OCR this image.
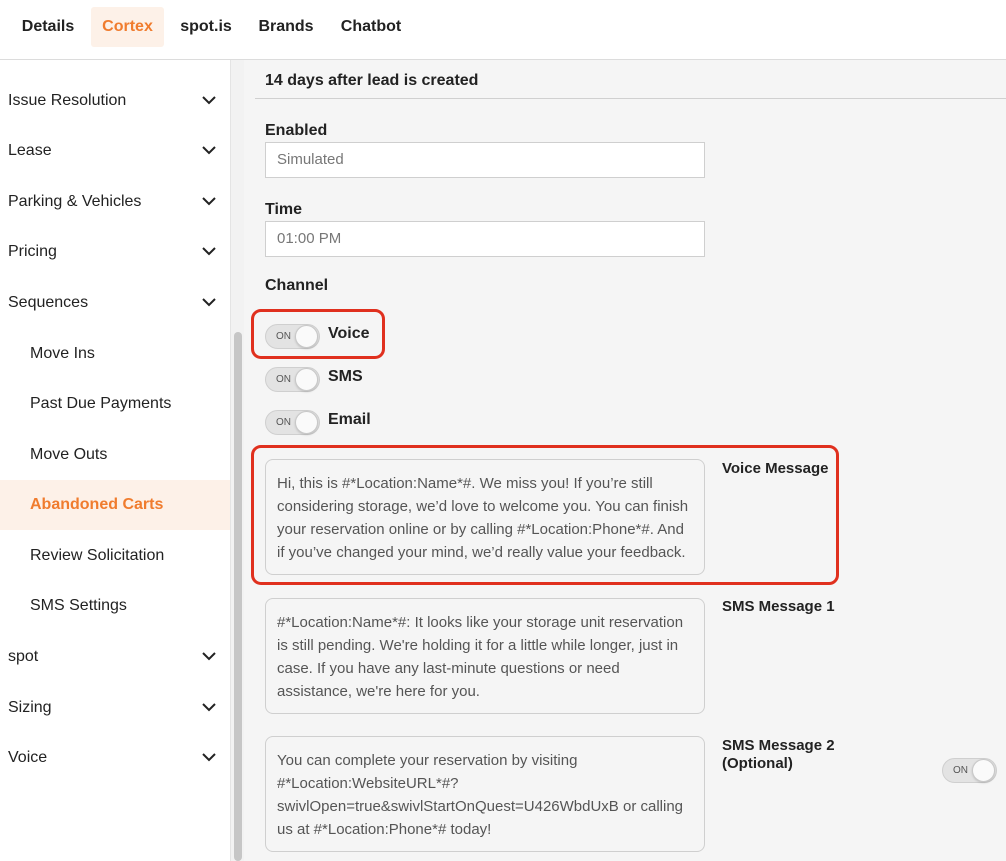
Details	Cortex	spot.is	Brands	Chatbot
Issue Resolution
Lease
Parking & Vehicles
Pricing
Sequences
Move Ins
Past Due Payments
Move Outs
Abandoned Carts
Review Solicitation
SMS Settings
spot
Sizing
Voice
14 days after lead is created
Enabled
Simulated
Time
01:00 PM
Channel
ON Voice
ON SMS
ON Email
Hi, this is #*Location:Name*#. We miss you! If you’re still considering storage, we’d love to welcome you. You can finish your reservation online or by calling #*Location:Phone*#. And if you’ve changed your mind, we’d really value your feedback.
Voice Message
#*Location:Name*#: It looks like your storage unit reservation is still pending. We're holding it for a little while longer, just in case. If you have any last-minute questions or need assistance, we're here for you.
SMS Message 1
You can complete your reservation by visiting #*Location:WebsiteURL*#?swivlOpen=true&swivlStartOnQuest=U426WbdUxB or calling us at #*Location:Phone*# today!
SMS Message 2 (Optional)	ON
